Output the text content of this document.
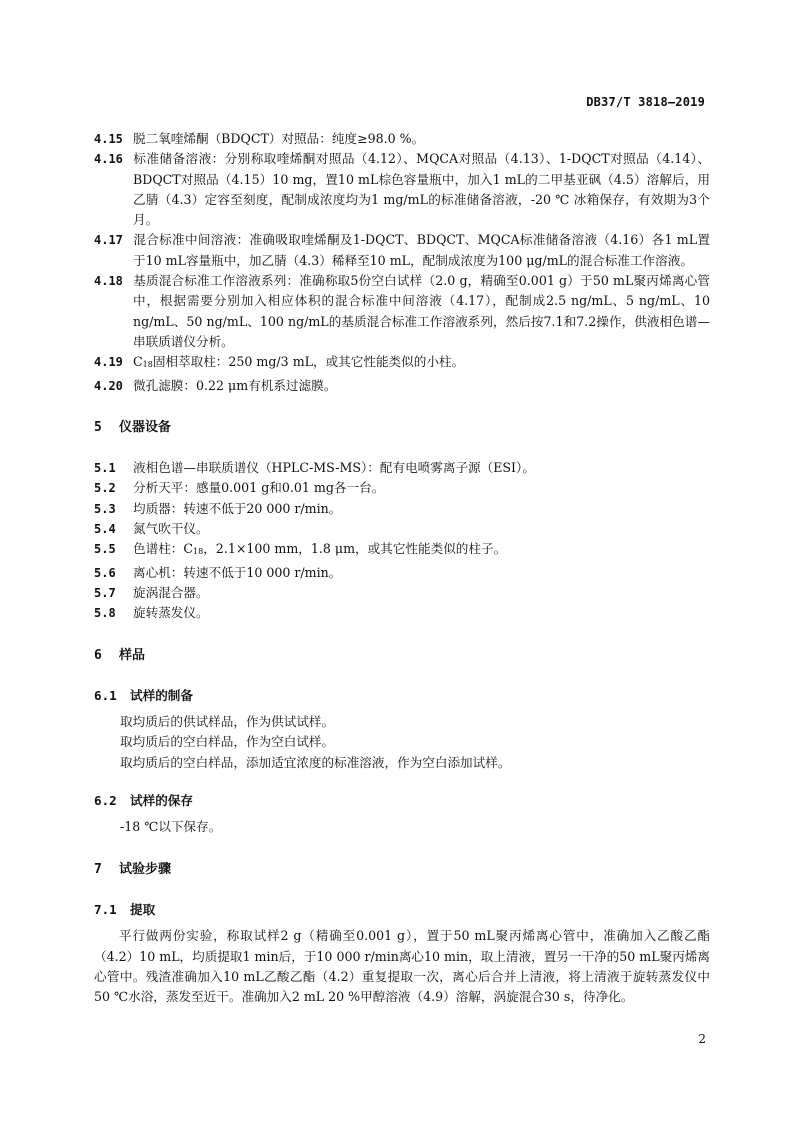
DB37/T 3818—2019
4.15 脱二氧喹烯酮（BDQCT）对照品：纯度≥98.0 %。
4.16 标准储备溶液：分别称取喹烯酮对照品（4.12）、MQCA对照品（4.13）、1-DQCT对照品（4.14）、BDQCT对照品（4.15）10 mg，置10 mL棕色容量瓶中，加入1 mL的二甲基亚砜（4.5）溶解后，用乙腈（4.3）定容至刻度，配制成浓度均为1 mg/mL的标准储备溶液，-20 ℃ 冰箱保存，有效期为3个月。
4.17 混合标准中间溶液：准确吸取喹烯酮及1-DQCT、BDQCT、MQCA标准储备溶液（4.16）各1 mL置于10 mL容量瓶中，加乙腈（4.3）稀释至10 mL，配制成浓度为100 μg/mL的混合标准工作溶液。
4.18 基质混合标准工作溶液系列：准确称取5份空白试样（2.0 g，精确至0.001 g）于50 mL聚丙烯离心管中，根据需要分别加入相应体积的混合标准中间溶液（4.17），配制成2.5 ng/mL、5 ng/mL、10 ng/mL、50 ng/mL、100 ng/mL的基质混合标准工作溶液系列，然后按7.1和7.2操作，供液相色谱—串联质谱仪分析。
4.19 $C_{18}$固相萃取柱：250 mg/3 mL，或其它性能类似的小柱。
4.20 微孔滤膜：0.22 μm有机系过滤膜。
5 仪器设备
5.1 液相色谱—串联质谱仪（HPLC-MS-MS）：配有电喷雾离子源（ESI）。
5.2 分析天平：感量0.001 g和0.01 mg各一台。
5.3 均质器：转速不低于20 000 r/min。
5.4 氮气吹干仪。
5.5 色谱柱：$C_{18}$，2.1×100 mm，1.8 μm，或其它性能类似的柱子。
5.6 离心机：转速不低于10 000 r/min。
5.7 旋涡混合器。
5.8 旋转蒸发仪。
6 样品
6.1 试样的制备
取均质后的供试样品，作为供试试样。
取均质后的空白样品，作为空白试样。
取均质后的空白样品，添加适宜浓度的标准溶液，作为空白添加试样。
6.2 试样的保存
-18 ℃以下保存。
7 试验步骤
7.1 提取
平行做两份实验，称取试样2 g（精确至0.001 g），置于50 mL聚丙烯离心管中，准确加入乙酸乙酯（4.2）10 mL，均质提取1 min后，于10 000 r/min离心10 min，取上清液，置另一干净的50 mL聚丙烯离心管中。残渣准确加入10 mL乙酸乙酯（4.2）重复提取一次，离心后合并上清液，将上清液于旋转蒸发仪中50 ℃水浴，蒸发至近干。准确加入2 mL 20 %甲醇溶液（4.9）溶解，涡旋混合30 s，待净化。
2
